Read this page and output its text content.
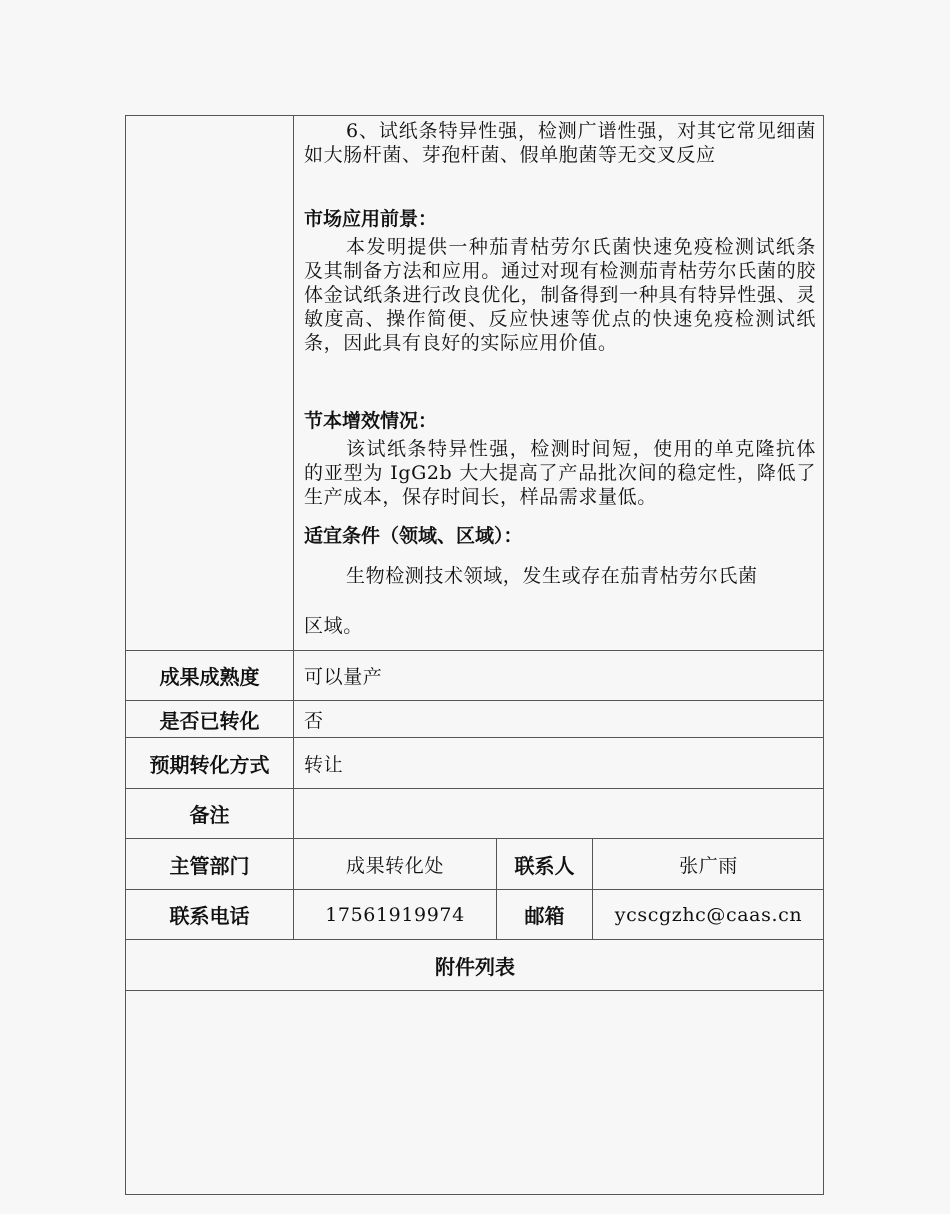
6、试纸条特异性强，检测广谱性强，对其它常见细菌如大肠杆菌、芽孢杆菌、假单胞菌等无交叉反应
市场应用前景：
本发明提供一种茄青枯劳尔氏菌快速免疫检测试纸条及其制备方法和应用。通过对现有检测茄青枯劳尔氏菌的胶体金试纸条进行改良优化，制备得到一种具有特异性强、灵敏度高、操作简便、反应快速等优点的快速免疫检测试纸条，因此具有良好的实际应用价值。
节本增效情况：
该试纸条特异性强，检测时间短，使用的单克隆抗体的亚型为 IgG2b 大大提高了产品批次间的稳定性，降低了生产成本，保存时间长，样品需求量低。
适宜条件（领域、区域）：
生物检测技术领域，发生或存在茄青枯劳尔氏菌
区域。
成果成熟度	可以量产
是否已转化	否
预期转化方式	转让
备注
主管部门	成果转化处	联系人	张广雨
联系电话	17561919974	邮箱	ycscgzhc@caas.cn
附件列表
